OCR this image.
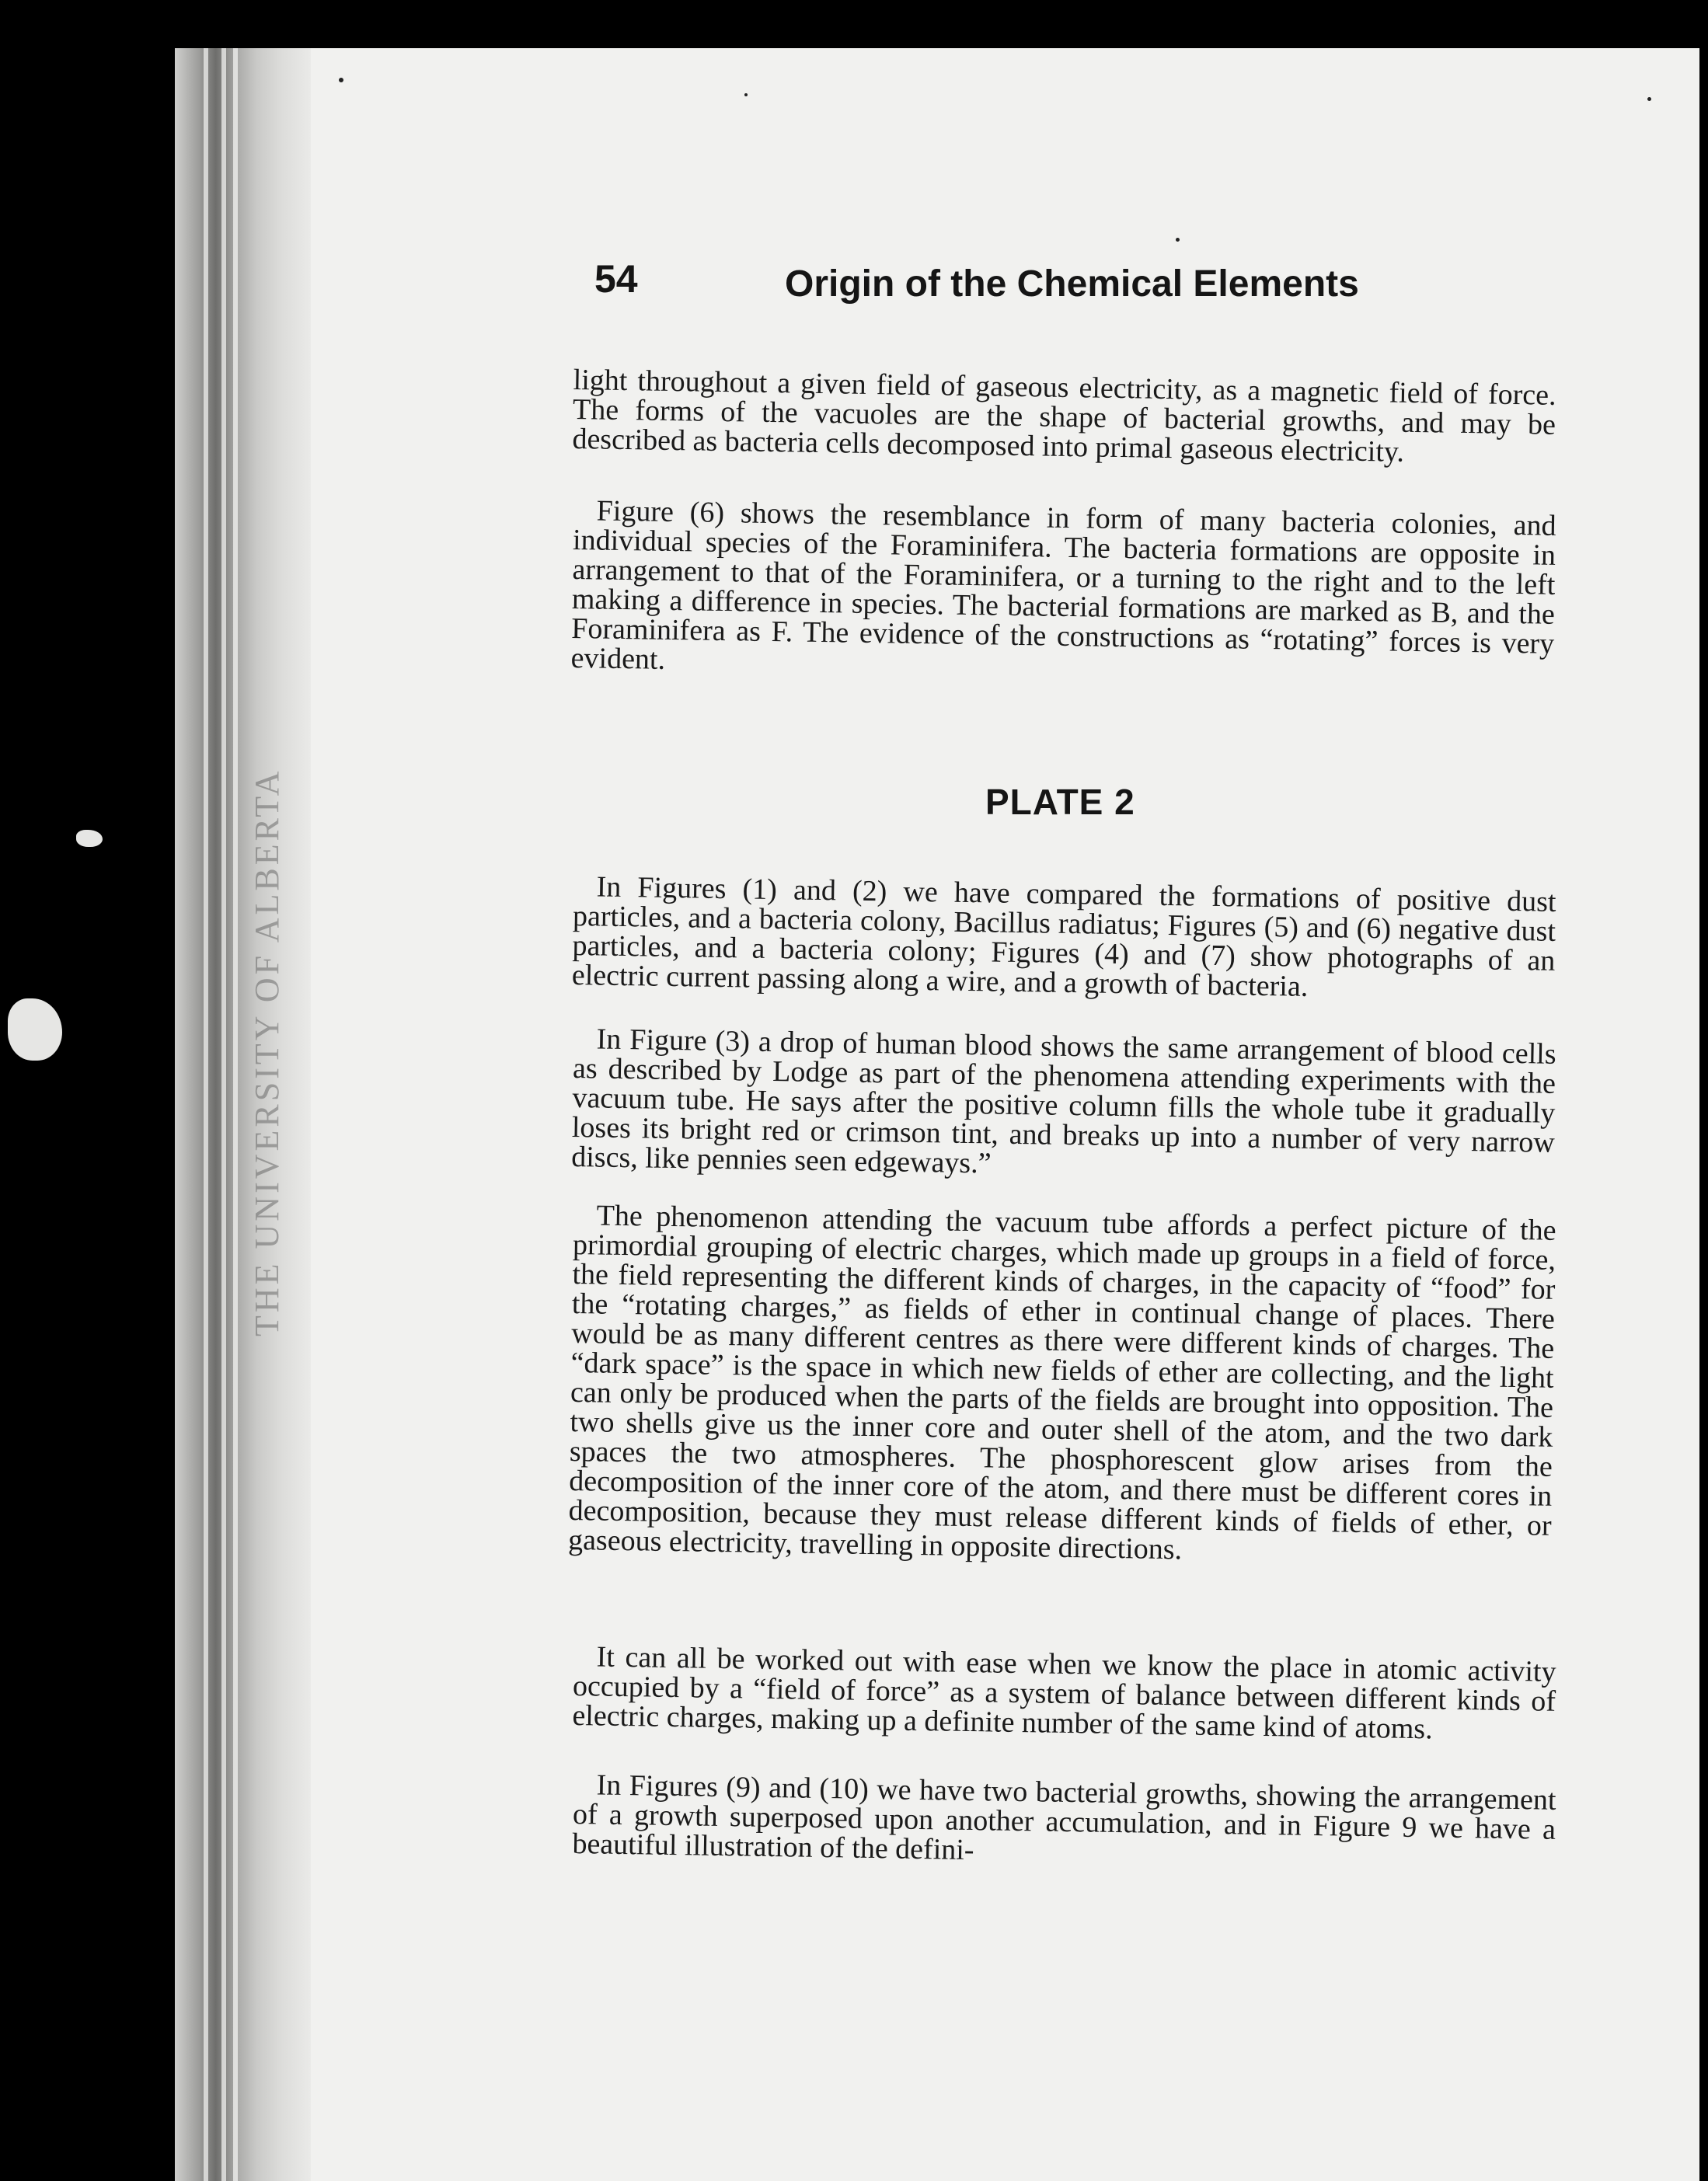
THE UNIVERSITY OF ALBERTA
54	Origin of the Chemical Elements

light throughout a given field of gaseous electricity, as a magnetic field of force. The forms of the vacuoles are the shape of bacterial growths, and may be described as bacteria cells decomposed into primal gaseous electricity.

Figure (6) shows the resemblance in form of many bacteria colonies, and individual species of the Foraminifera. The bacteria formations are opposite in arrangement to that of the Foraminifera, or a turning to the right and to the left making a difference in species. The bacterial formations are marked as B, and the Foraminifera as F. The evidence of the constructions as “rotating” forces is very evident.

PLATE 2

In Figures (1) and (2) we have compared the formations of positive dust particles, and a bacteria colony, Bacillus radiatus; Figures (5) and (6) negative dust particles, and a bacteria colony; Figures (4) and (7) show photographs of an electric current passing along a wire, and a growth of bacteria.

In Figure (3) a drop of human blood shows the same arrangement of blood cells as described by Lodge as part of the phenomena attending experiments with the vacuum tube. He says after the positive column fills the whole tube it gradually loses its bright red or crimson tint, and breaks up into a number of very narrow discs, like pennies seen edgeways.”

The phenomenon attending the vacuum tube affords a perfect picture of the primordial grouping of electric charges, which made up groups in a field of force, the field representing the different kinds of charges, in the capacity of “food” for the “rotating charges,” as fields of ether in continual change of places. There would be as many different centres as there were different kinds of charges. The “dark space” is the space in which new fields of ether are collecting, and the light can only be produced when the parts of the fields are brought into opposition. The two shells give us the inner core and outer shell of the atom, and the two dark spaces the two atmospheres. The phosphorescent glow arises from the decomposition of the inner core of the atom, and there must be different cores in decomposition, because they must release different kinds of fields of ether, or gaseous electricity, travelling in opposite directions.

It can all be worked out with ease when we know the place in atomic activity occupied by a “field of force” as a system of balance between different kinds of electric charges, making up a definite number of the same kind of atoms.

In Figures (9) and (10) we have two bacterial growths, showing the arrangement of a growth superposed upon another accumulation, and in Figure 9 we have a beautiful illustration of the defini-
